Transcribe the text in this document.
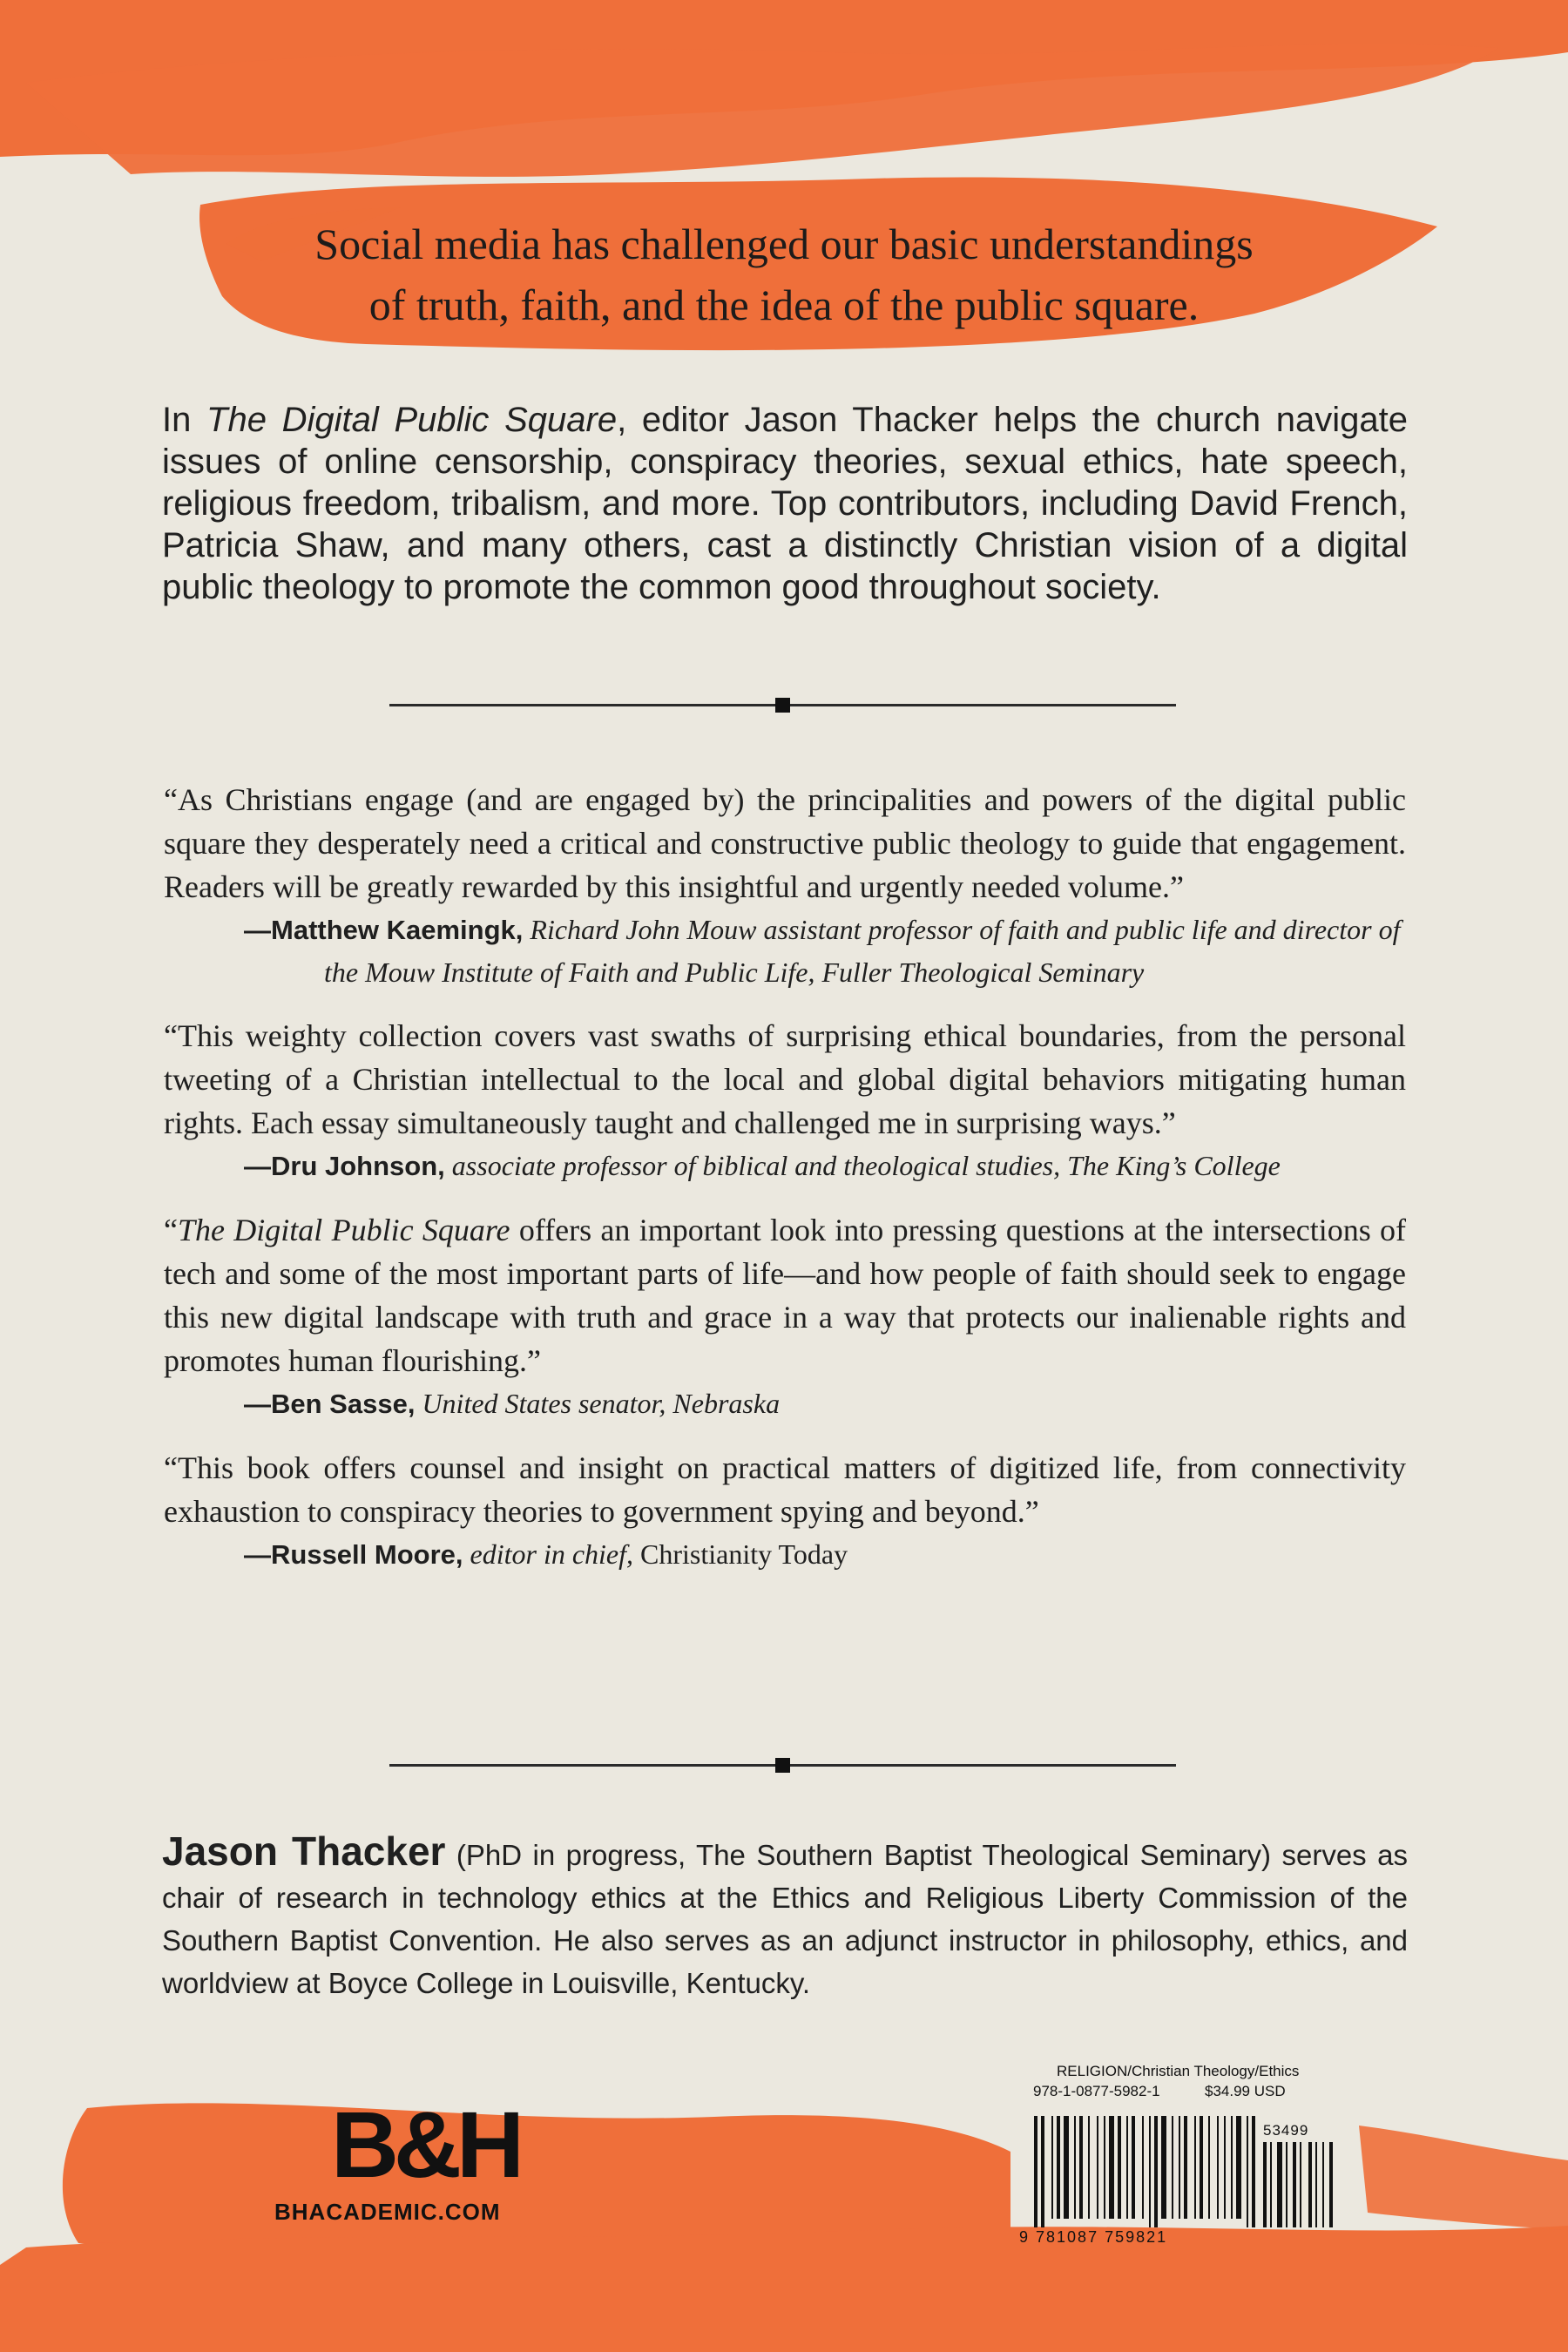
Social media has challenged our basic understandings
of truth, faith, and the idea of the public square.
In The Digital Public Square, editor Jason Thacker helps the church navigate issues of online censorship, conspiracy theories, sexual ethics, hate speech, religious freedom, tribalism, and more. Top contributors, including David French, Patricia Shaw, and many others, cast a distinctly Christian vision of a digital public theology to promote the common good throughout society.
“As Christians engage (and are engaged by) the principalities and powers of the digital public square they desperately need a critical and constructive public theology to guide that engagement. Readers will be greatly rewarded by this insightful and urgently needed volume.”
—Matthew Kaemingk, Richard John Mouw assistant professor of faith and public life and director of the Mouw Institute of Faith and Public Life, Fuller Theological Seminary
“This weighty collection covers vast swaths of surprising ethical boundaries, from the personal tweeting of a Christian intellectual to the local and global digital behaviors mitigating human rights. Each essay simultaneously taught and challenged me in surprising ways.”
—Dru Johnson, associate professor of biblical and theological studies, The King’s College
“The Digital Public Square offers an important look into pressing questions at the intersections of tech and some of the most important parts of life—and how people of faith should seek to engage this new digital landscape with truth and grace in a way that protects our inalienable rights and promotes human flourishing.”
—Ben Sasse, United States senator, Nebraska
“This book offers counsel and insight on practical matters of digitized life, from connectivity exhaustion to conspiracy theories to government spying and beyond.”
—Russell Moore, editor in chief, Christianity Today
Jason Thacker (PhD in progress, The Southern Baptist Theological Seminary) serves as chair of research in technology ethics at the Ethics and Religious Liberty Commission of the Southern Baptist Convention. He also serves as an adjunct instructor in philosophy, ethics, and worldview at Boyce College in Louisville, Kentucky.
B&H
BHACADEMIC.COM
RELIGION/Christian Theology/Ethics
978-1-0877-5982-1	$34.99 USD
53499
9 781087 759821
